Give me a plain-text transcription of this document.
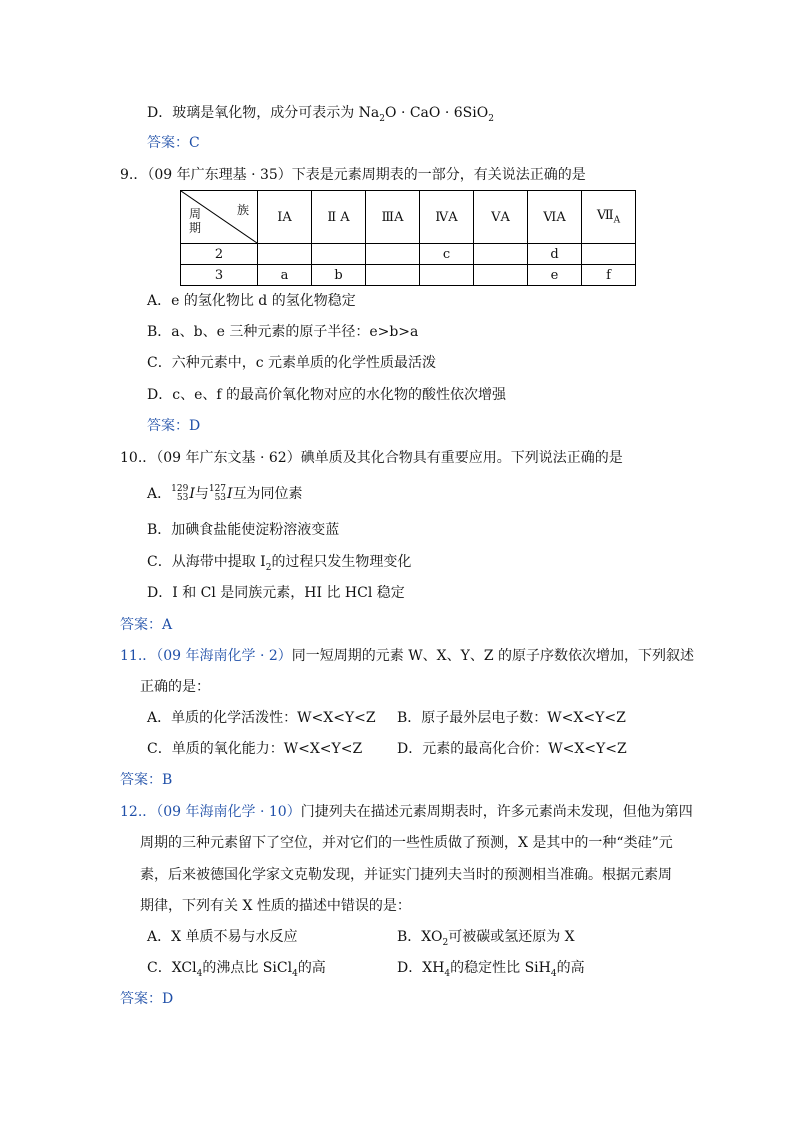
D．玻璃是氧化物，成分可表示为 $Na_2O$ · CaO · 6SiO$_2$
答案：C
9.．（09 年广东理基 · 35）下表是元素周期表的一部分，有关说法正确的是
族
周
期	ⅠA	Ⅱ A	ⅢA	ⅣA	ⅤA	ⅥA	$Ⅶ_A$
2				c		d	
3	a	b				e	f
A．e 的氢化物比 d 的氢化物稳定
B．a、b、e 三种元素的原子半径：e>b>a
C．六种元素中，c 元素单质的化学性质最活泼
D．c、e、f 的最高价氧化物对应的水化物的酸性依次增强
答案：D
10.．（09 年广东文基 · 62）碘单质及其化合物具有重要应用。下列说法正确的是
A．129
53I与127
53I互为同位素
B．加碘食盐能使淀粉溶液变蓝
C．从海带中提取 $I_2$的过程只发生物理变化
D．I 和 Cl 是同族元素，HI 比 HCl 稳定
答案：A
11.．（09 年海南化学 · 2）同一短周期的元素 W、X、Y、Z 的原子序数依次增加，下列叙述
正确的是：
A．单质的化学活泼性：W<X<Y<Z B．原子最外层电子数：W<X<Y<Z
C．单质的氧化能力：W<X<Y<Z D．元素的最高化合价：W<X<Y<Z
答案：B
12.．（09 年海南化学 · 10）门捷列夫在描述元素周期表时，许多元素尚未发现，但他为第四
周期的三种元素留下了空位，并对它们的一些性质做了预测，X 是其中的一种“类硅”元
素，后来被德国化学家文克勒发现，并证实门捷列夫当时的预测相当准确。根据元素周
期律，下列有关 X 性质的描述中错误的是：
A．X 单质不易与水反应	B．$XO_2$可被碳或氢还原为 X
C．XCl$_4$的沸点比 SiCl$_4$的高	D．$XH_4$的稳定性比 SiH$_4$的高
答案：D
